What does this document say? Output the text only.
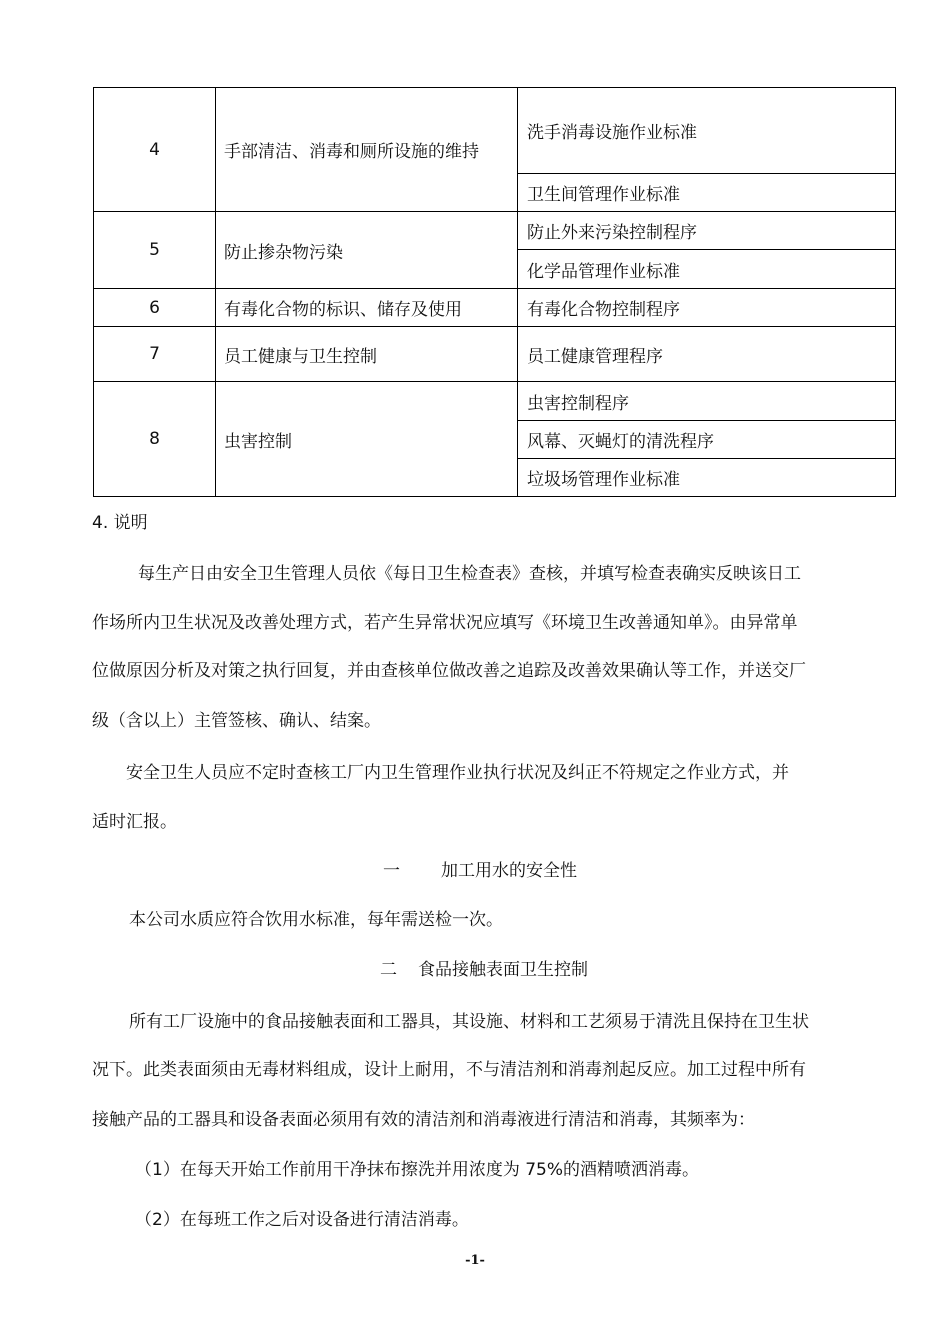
4	手部清洁、消毒和厕所设施的维持	洗手消毒设施作业标准
		卫生间管理作业标准
5	防止掺杂物污染	防止外来污染控制程序
		化学品管理作业标准
6	有毒化合物的标识、储存及使用	有毒化合物控制程序
7	员工健康与卫生控制	员工健康管理程序
8	虫害控制	虫害控制程序
		风幕、灭蝇灯的清洗程序
		垃圾场管理作业标准
4. 说明
每生产日由安全卫生管理人员依《每日卫生检查表》查核，并填写检查表确实反映该日工
作场所内卫生状况及改善处理方式，若产生异常状况应填写《环境卫生改善通知单》。由异常单
位做原因分析及对策之执行回复，并由查核单位做改善之追踪及改善效果确认等工作，并送交厂
级（含以上）主管签核、确认、结案。
安全卫生人员应不定时查核工厂内卫生管理作业执行状况及纠正不符规定之作业方式，并
适时汇报。
一 加工用水的安全性
本公司水质应符合饮用水标准，每年需送检一次。
二 食品接触表面卫生控制
所有工厂设施中的食品接触表面和工器具，其设施、材料和工艺须易于清洗且保持在卫生状
况下。此类表面须由无毒材料组成，设计上耐用，不与清洁剂和消毒剂起反应。加工过程中所有
接触产品的工器具和设备表面必须用有效的清洁剂和消毒液进行清洁和消毒，其频率为：
（1）在每天开始工作前用干净抹布擦洗并用浓度为 75%的酒精喷洒消毒。
（2）在每班工作之后对设备进行清洁消毒。
-1-
